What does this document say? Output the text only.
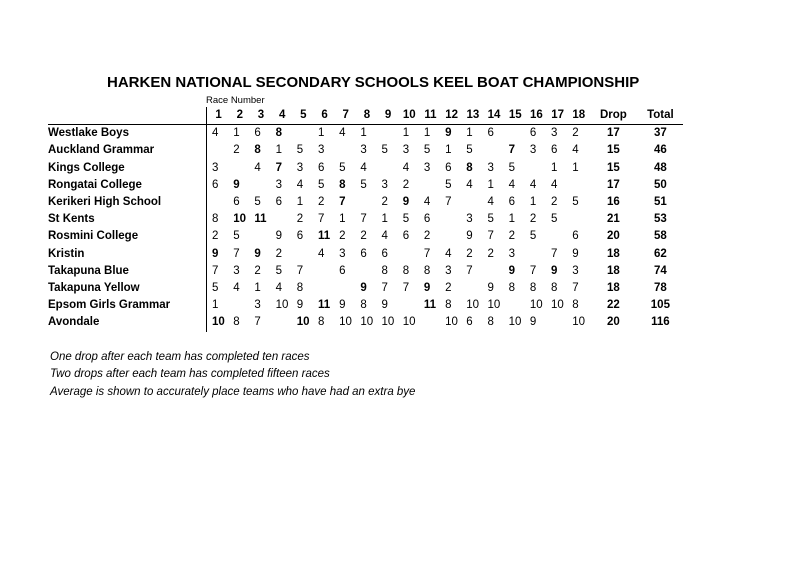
HARKEN NATIONAL SECONDARY SCHOOLS KEEL BOAT CHAMPIONSHIP
Race Number
		1	2	3	4	5	6	7	8	9	10	11	12	13	14	15	16	17	18	Drop	Total
Westlake Boys		4	1	6	8		1	4	1		1	1	9	1	6		6	3	2	17	37
Auckland Grammar			2	8	1	5	3		3	5	3	5	1	5		7	3	6	4	15	46
Kings College		3		4	7	3	6	5	4		4	3	6	8	3	5		1	1	15	48
Rongatai College		6	9		3	4	5	8	5	3	2		5	4	1	4	4	4		17	50
Kerikeri High School			6	5	6	1	2	7		2	9	4	7		4	6	1	2	5	16	51
St Kents		8	10	11		2	7	1	7	1	5	6		3	5	1	2	5		21	53
Rosmini College		2	5		9	6	11	2	2	4	6	2		9	7	2	5		6	20	58
Kristin		9	7	9	2		4	3	6	6		7	4	2	2	3		7	9	18	62
Takapuna Blue		7	3	2	5	7		6		8	8	8	3	7		9	7	9	3	18	74
Takapuna Yellow		5	4	1	4	8			9	7	7	9	2		9	8	8	8	7	18	78
Epsom Girls Grammar		1		3	10	9	11	9	8	9		11	8	10	10		10	10	8	22	105
Avondale		10	8	7		10	8	10	10	10	10		10	6	8	10	9		10	20	116
One drop after each team has completed ten races
Two drops after each team has completed fifteen races
Average is shown to accurately place teams who have had an extra bye
